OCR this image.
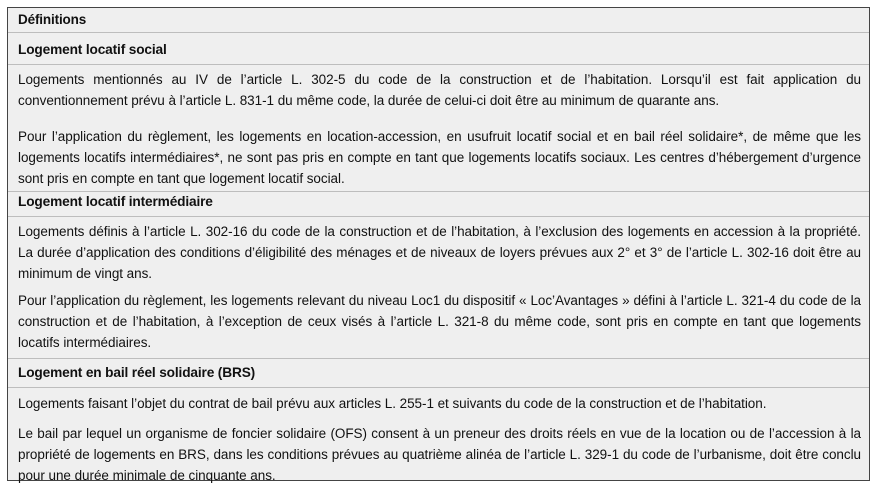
Définitions
Logement locatif social
Logements mentionnés au IV de l’article L. 302-5 du code de la construction et de l’habitation. Lorsqu’il est fait application du conventionnement prévu à l’article L. 831-1 du même code, la durée de celui-ci doit être au minimum de quarante ans.
Pour l’application du règlement, les logements en location-accession, en usufruit locatif social et en bail réel solidaire*, de même que les logements locatifs intermédiaires*, ne sont pas pris en compte en tant que logements locatifs sociaux. Les centres d’hébergement d’urgence sont pris en compte en tant que logement locatif social.
Logement locatif intermédiaire
Logements définis à l’article L. 302-16 du code de la construction et de l’habitation, à l’exclusion des logements en accession à la propriété. La durée d’application des conditions d’éligibilité des ménages et de niveaux de loyers prévues aux 2° et 3° de l’article L. 302-16 doit être au minimum de vingt ans.
Pour l’application du règlement, les logements relevant du niveau Loc1 du dispositif « Loc’Avantages » défini à l’article L. 321-4 du code de la construction et de l’habitation, à l’exception de ceux visés à l’article L. 321-8 du même code, sont pris en compte en tant que logements locatifs intermédiaires.
Logement en bail réel solidaire (BRS)
Logements faisant l’objet du contrat de bail prévu aux articles L. 255-1 et suivants du code de la construction et de l’habitation.
Le bail par lequel un organisme de foncier solidaire (OFS) consent à un preneur des droits réels en vue de la location ou de l’accession à la propriété de logements en BRS, dans les conditions prévues au quatrième alinéa de l’article L. 329-1 du code de l’urbanisme, doit être conclu pour une durée minimale de cinquante ans.
